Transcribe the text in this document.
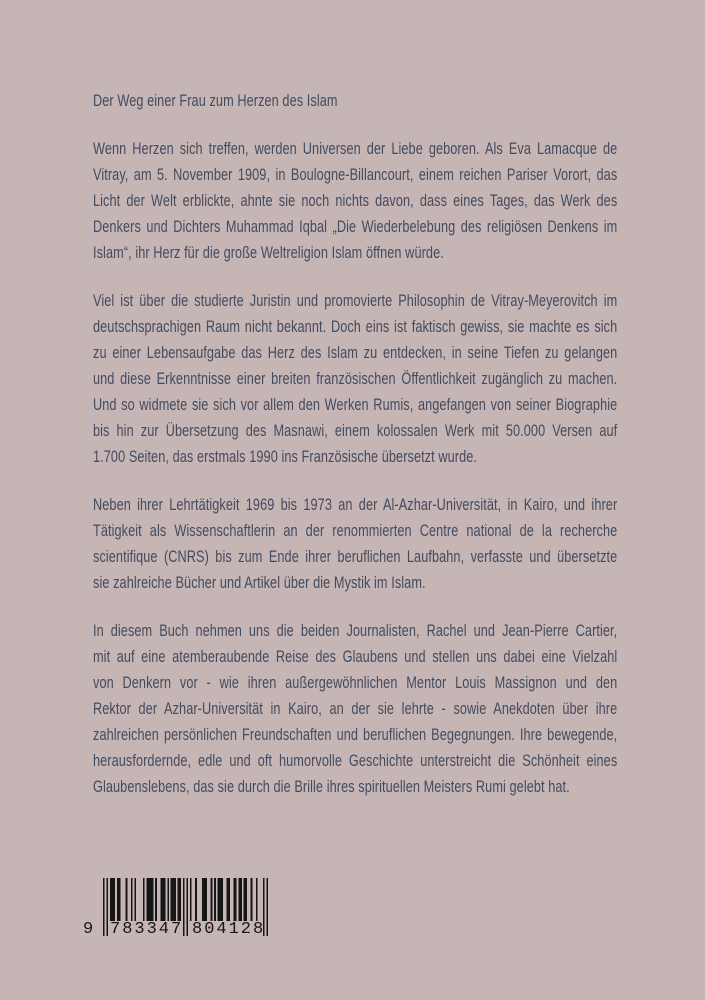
Der Weg einer Frau zum Herzen des Islam
Wenn Herzen sich treffen, werden Universen der Liebe geboren. Als Eva Lamacque de
Vitray, am 5. November 1909, in Boulogne-Billancourt, einem reichen Pariser Vorort, das
Licht der Welt erblickte, ahnte sie noch nichts davon, dass eines Tages, das Werk des
Denkers und Dichters Muhammad Iqbal „Die Wiederbelebung des religiösen Denkens im
Islam“, ihr Herz für die große Weltreligion Islam öffnen würde.
Viel ist über die studierte Juristin und promovierte Philosophin de Vitray-Meyerovitch im
deutschsprachigen Raum nicht bekannt. Doch eins ist faktisch gewiss, sie machte es sich
zu einer Lebensaufgabe das Herz des Islam zu entdecken, in seine Tiefen zu gelangen
und diese Erkenntnisse einer breiten französischen Öffentlichkeit zugänglich zu machen.
Und so widmete sie sich vor allem den Werken Rumis, angefangen von seiner Biographie
bis hin zur Übersetzung des Masnawi, einem kolossalen Werk mit 50.000 Versen auf
1.700 Seiten, das erstmals 1990 ins Französische übersetzt wurde.
Neben ihrer Lehrtätigkeit 1969 bis 1973 an der Al-Azhar-Universität, in Kairo, und ihrer
Tätigkeit als Wissenschaftlerin an der renommierten Centre national de la recherche
scientifique (CNRS) bis zum Ende ihrer beruflichen Laufbahn, verfasste und übersetzte
sie zahlreiche Bücher und Artikel über die Mystik im Islam.
In diesem Buch nehmen uns die beiden Journalisten, Rachel und Jean-Pierre Cartier,
mit auf eine atemberaubende Reise des Glaubens und stellen uns dabei eine Vielzahl
von Denkern vor - wie ihren außergewöhnlichen Mentor Louis Massignon und den
Rektor der Azhar-Universität in Kairo, an der sie lehrte - sowie Anekdoten über ihre
zahlreichen persönlichen Freundschaften und beruflichen Begegnungen. Ihre bewegende,
herausfordernde, edle und oft humorvolle Geschichte unterstreicht die Schönheit eines
Glaubenslebens, das sie durch die Brille ihres spirituellen Meisters Rumi gelebt hat.
9 783347 804128
